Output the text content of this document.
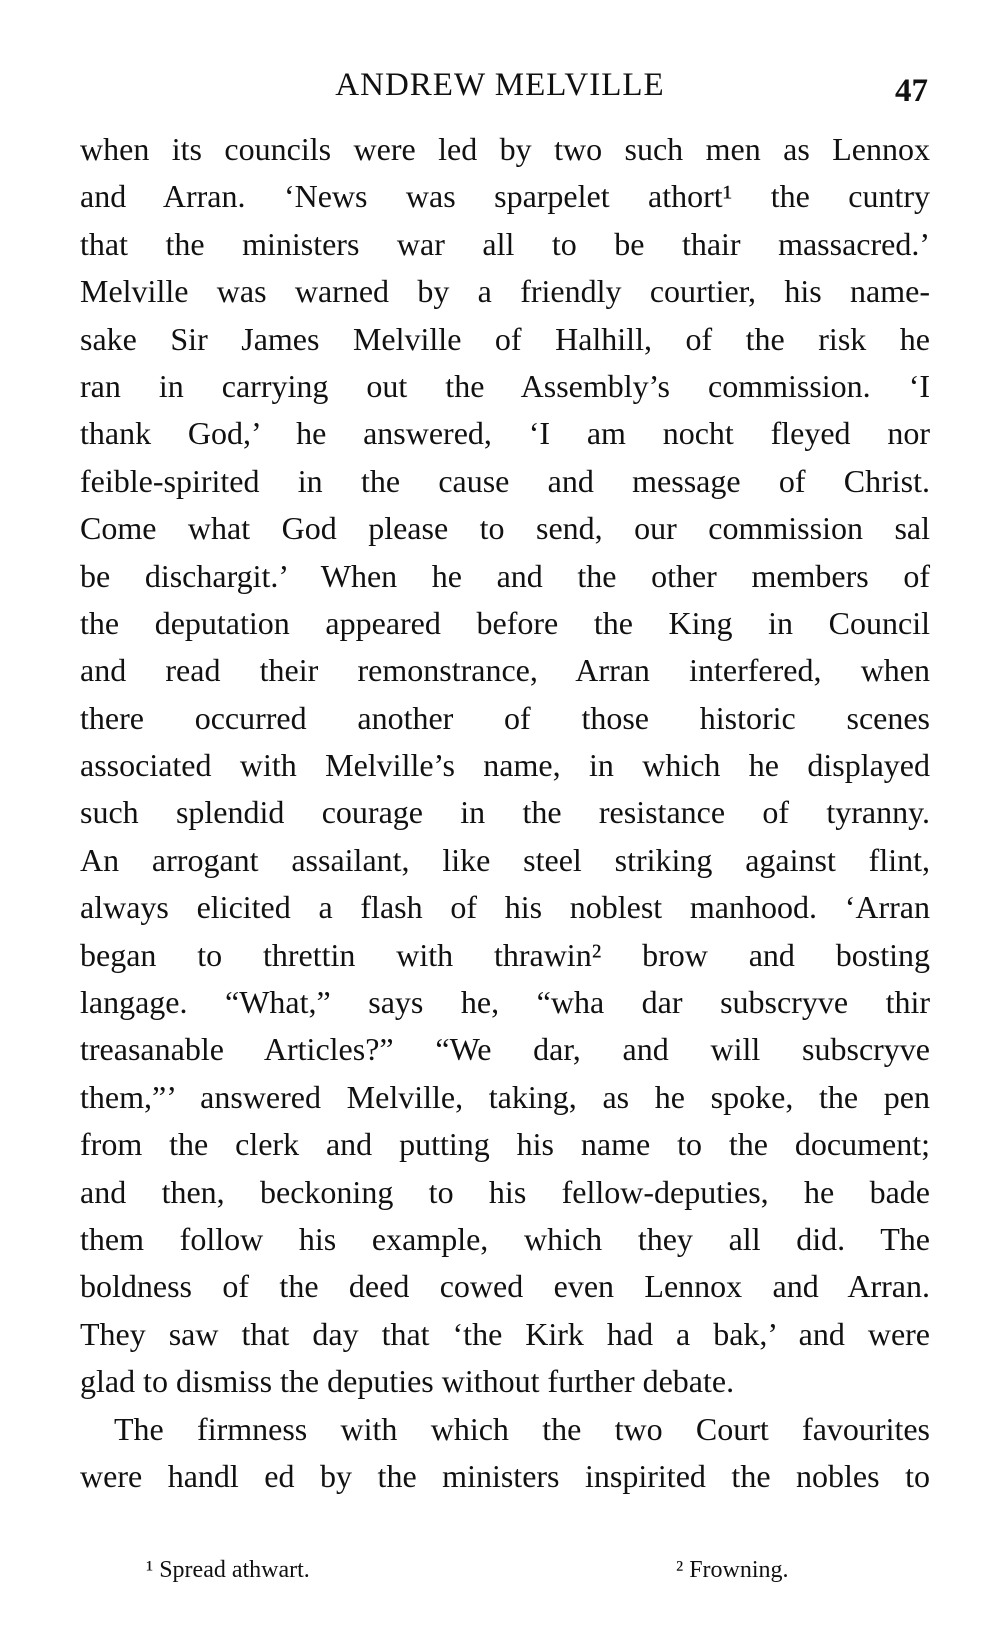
ANDREW MELVILLE	47
when its councils were led by two such men as Lennox
and Arran. ‘News was sparpelet athort¹ the cuntry
that the ministers war all to be thair massacred.’
Melville was warned by a friendly courtier, his name-
sake Sir James Melville of Halhill, of the risk he
ran in carrying out the Assembly’s commission. ‘I
thank God,’ he answered, ‘I am nocht fleyed nor
feible-spirited in the cause and message of Christ.
Come what God please to send, our commission sal
be dischargit.’ When he and the other members of
the deputation appeared before the King in Council
and read their remonstrance, Arran interfered, when
there occurred another of those historic scenes
associated with Melville’s name, in which he displayed
such splendid courage in the resistance of tyranny.
An arrogant assailant, like steel striking against flint,
always elicited a flash of his noblest manhood. ‘Arran
began to threttin with thrawin² brow and bosting
langage. “What,” says he, “wha dar subscryve thir
treasanable Articles?” “We dar, and will subscryve
them,”’ answered Melville, taking, as he spoke, the pen
from the clerk and putting his name to the document;
and then, beckoning to his fellow-deputies, he bade
them follow his example, which they all did. The
boldness of the deed cowed even Lennox and Arran.
They saw that day that ‘the Kirk had a bak,’ and were
glad to dismiss the deputies without further debate.
The firmness with which the two Court favourites
were handl ed by the ministers inspirited the nobles to
¹ Spread athwart.	² Frowning.
